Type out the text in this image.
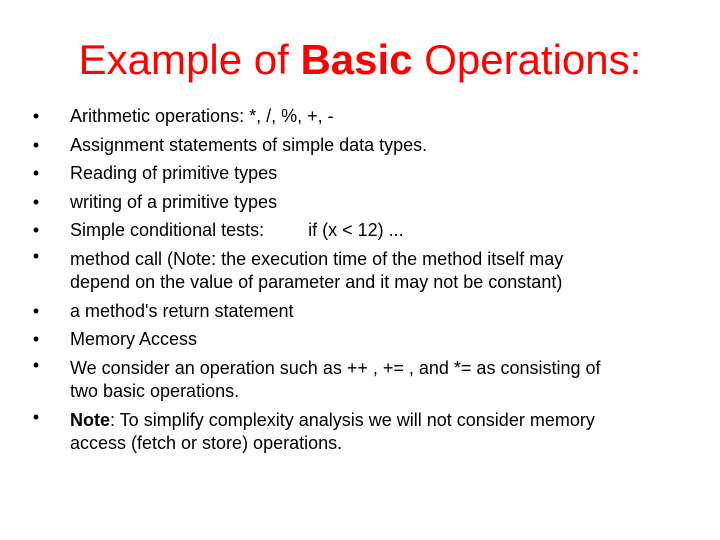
Example of Basic Operations:
• Arithmetic operations: *, /, %, +, -
• Assignment statements of simple data types.
• Reading of primitive types
• writing of a primitive types
• Simple conditional tests: if (x < 12) ...
• method call (Note: the execution time of the method itself may
depend on the value of parameter and it may not be constant)
• a method's return statement
• Memory Access
• We consider an operation such as ++ , += , and *= as consisting of
two basic operations.
• Note: To simplify complexity analysis we will not consider memory
access (fetch or store) operations.
